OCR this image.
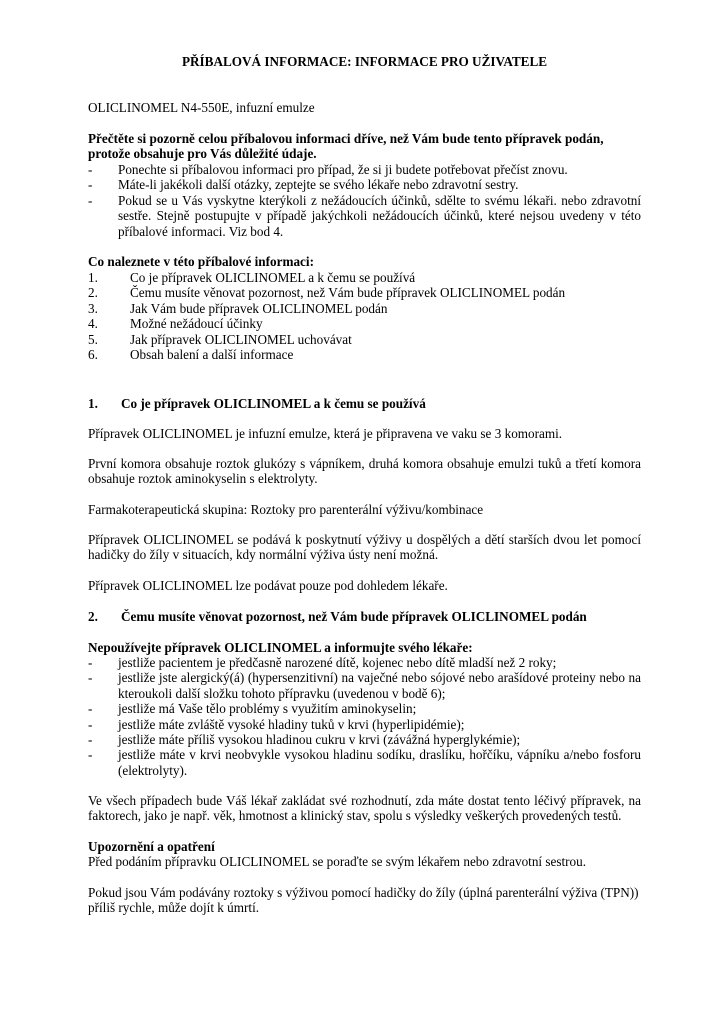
PŘÍBALOVÁ INFORMACE: INFORMACE PRO UŽIVATELE
OLICLINOMEL N4-550E, infuzní emulze
Přečtěte si pozorně celou příbalovou informaci dříve, než Vám bude tento přípravek podán, protože obsahuje pro Vás důležité údaje.
- Ponechte si příbalovou informaci pro případ, že si ji budete potřebovat přečíst znovu.
- Máte-li jakékoli další otázky, zeptejte se svého lékaře nebo zdravotní sestry.
- Pokud se u Vás vyskytne kterýkoli z nežádoucích účinků, sdělte to svému lékaři. nebo zdravotní sestře. Stejně postupujte v případě jakýchkoli nežádoucích účinků, které nejsou uvedeny v této příbalové informaci. Viz bod 4.
Co naleznete v této příbalové informaci:
1. Co je přípravek OLICLINOMEL a k čemu se používá
2. Čemu musíte věnovat pozornost, než Vám bude přípravek OLICLINOMEL podán
3. Jak Vám bude přípravek OLICLINOMEL podán
4. Možné nežádoucí účinky
5. Jak přípravek OLICLINOMEL uchovávat
6. Obsah balení a další informace
1. Co je přípravek OLICLINOMEL a k čemu se používá
Přípravek OLICLINOMEL je infuzní emulze, která je připravena ve vaku se 3 komorami.
První komora obsahuje roztok glukózy s vápníkem, druhá komora obsahuje emulzi tuků a třetí komora obsahuje roztok aminokyselin s elektrolyty.
Farmakoterapeutická skupina: Roztoky pro parenterální výživu/kombinace
Přípravek OLICLINOMEL se podává k poskytnutí výživy u dospělých a dětí starších dvou let pomocí hadičky do žíly v situacích, kdy normální výživa ústy není možná.
Přípravek OLICLINOMEL lze podávat pouze pod dohledem lékaře.
2. Čemu musíte věnovat pozornost, než Vám bude přípravek OLICLINOMEL podán
Nepoužívejte přípravek OLICLINOMEL a informujte svého lékaře:
- jestliže pacientem je předčasně narozené dítě, kojenec nebo dítě mladší než 2 roky;
- jestliže jste alergický(á) (hypersenzitivní) na vaječné nebo sójové nebo arašídové proteiny nebo na kteroukoli další složku tohoto přípravku (uvedenou v bodě 6);
- jestliže má Vaše tělo problémy s využitím aminokyselin;
- jestliže máte zvláště vysoké hladiny tuků v krvi (hyperlipidémie);
- jestliže máte příliš vysokou hladinou cukru v krvi (závážná hyperglykémie);
- jestliže máte v krvi neobvykle vysokou hladinu sodíku, draslíku, hořčíku, vápníku a/nebo fosforu (elektrolyty).
Ve všech případech bude Váš lékař zakládat své rozhodnutí, zda máte dostat tento léčivý přípravek, na faktorech, jako je např. věk, hmotnost a klinický stav, spolu s výsledky veškerých provedených testů.
Upozornění a opatření
Před podáním přípravku OLICLINOMEL se poraďte se svým lékařem nebo zdravotní sestrou.
Pokud jsou Vám podávány roztoky s výživou pomocí hadičky do žíly (úplná parenterální výživa (TPN)) příliš rychle, může dojít k úmrtí.
